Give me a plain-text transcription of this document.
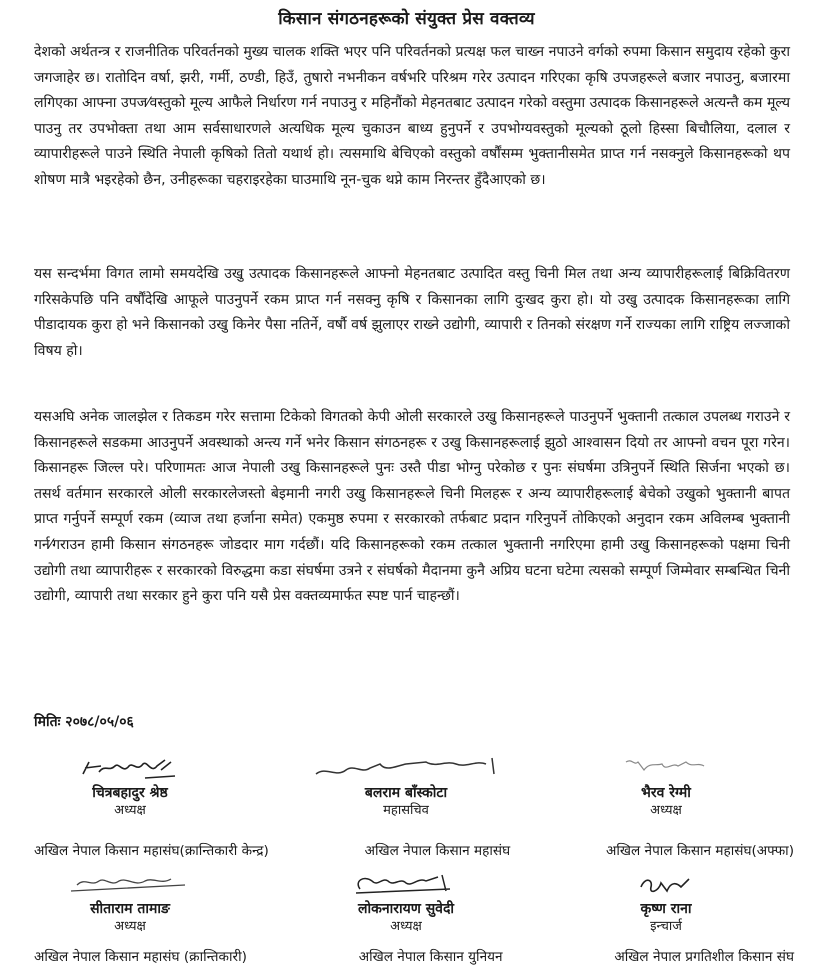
किसान संगठनहरूको संयुक्त प्रेस वक्तव्य

देशको अर्थतन्त्र र राजनीतिक परिवर्तनको मुख्य चालक शक्ति भएर पनि परिवर्तनको प्रत्यक्ष फल चाख्न नपाउने वर्गको रुपमा किसान समुदाय रहेको कुरा जगजाहेर छ। रातोदिन वर्षा, झरी, गर्मी, ठण्डी, हिउँ, तुषारो नभनीकन वर्षभरि परिश्रम गरेर उत्पादन गरिएका कृषि उपजहरूले बजार नपाउनु, बजारमा लगिएका आफ्ना उपज⁄वस्तुको मूल्य आफैले निर्धारण गर्न नपाउनु र महिनौंको मेहनतबाट उत्पादन गरेको वस्तुमा उत्पादक किसानहरूले अत्यन्तै कम मूल्य पाउनु तर उपभोक्ता तथा आम सर्वसाधारणले अत्यधिक मूल्य चुकाउन बाध्य हुनुपर्ने र उपभोग्यवस्तुको मूल्यको ठूलो हिस्सा बिचौलिया, दलाल र व्यापारीहरूले पाउने स्थिति नेपाली कृषिको तितो यथार्थ हो। त्यसमाथि बेचिएको वस्तुको वर्षौंसम्म भुक्तानीसमेत प्राप्त गर्न नसक्नुले किसानहरूको थप शोषण मात्रै भइरहेको छैन, उनीहरूका चहराइरहेका घाउमाथि नून-चुक थप्ने काम निरन्तर हुँदैआएको छ।

यस सन्दर्भमा विगत लामो समयदेखि उखु उत्पादक किसानहरूले आफ्नो मेहनतबाट उत्पादित वस्तु चिनी मिल तथा अन्य व्यापारीहरूलाई बिक्रिवितरण गरिसकेपछि पनि वर्षौंदेखि आफूले पाउनुपर्ने रकम प्राप्त गर्न नसक्नु कृषि र किसानका लागि दुःखद कुरा हो। यो उखु उत्पादक किसानहरूका लागि पीडादायक कुरा हो भने किसानको उखु किनेर पैसा नतिर्ने, वर्षौ वर्ष झुलाएर राख्ने उद्योगी, व्यापारी र तिनको संरक्षण गर्ने राज्यका लागि राष्ट्रिय लज्जाको विषय हो।

यसअघि अनेक जालझेल र तिकडम गरेर सत्तामा टिकेको विगतको केपी ओली सरकारले उखु किसानहरूले पाउनुपर्ने भुक्तानी तत्काल उपलब्ध गराउने र किसानहरूले सडकमा आउनुपर्ने अवस्थाको अन्त्य गर्ने भनेर किसान संगठनहरू र उखु किसानहरूलाई झुठो आश्वासन दियो तर आफ्नो वचन पूरा गरेन। किसानहरू जिल्ल परे। परिणामतः आज नेपाली उखु किसानहरूले पुनः उस्तै पीडा भोग्नु परेकोछ र पुनः संघर्षमा उत्रिनुपर्ने स्थिति सिर्जना भएको छ। तसर्थ वर्तमान सरकारले ओली सरकारलेजस्तो बेइमानी नगरी उखु किसानहरूले चिनी मिलहरू र अन्य व्यापारीहरूलाई बेचेको उखुको भुक्तानी बापत प्राप्त गर्नुपर्ने सम्पूर्ण रकम (व्याज तथा हर्जाना समेत) एकमुष्ठ रुपमा र सरकारको तर्फबाट प्रदान गरिनुपर्ने तोकिएको अनुदान रकम अविलम्ब भुक्तानी गर्न⁄गराउन हामी किसान संगठनहरू जोडदार माग गर्दछौं। यदि किसानहरूको रकम तत्काल भुक्तानी नगरिएमा हामी उखु किसानहरूको पक्षमा चिनी उद्योगी तथा व्यापारीहरू र सरकारको विरुद्धमा कडा संघर्षमा उत्रने र संघर्षको मैदानमा कुनै अप्रिय घटना घटेमा त्यसको सम्पूर्ण जिम्मेवार सम्बन्धित चिनी उद्योगी, व्यापारी तथा सरकार हुने कुरा पनि यसै प्रेस वक्तव्यमार्फत स्पष्ट पार्न चाहन्छौं।

मितिः २०७८/०५/०६
चित्रबहादुर श्रेष्ठ
अध्यक्ष
बलराम बाँस्कोटा
महासचिव
भैरव रेग्मी
अध्यक्ष
अखिल नेपाल किसान महासंघ(क्रान्तिकारी केन्द्र)	अखिल नेपाल किसान महासंघ	अखिल नेपाल किसान महासंघ(अफ्फा)
सीताराम तामाङ
अध्यक्ष
लोकनारायण सुवेदी
अध्यक्ष
कृष्ण राना
इन्चार्ज
अखिल नेपाल किसान महासंघ (क्रान्तिकारी)	अखिल नेपाल किसान युनियन	अखिल नेपाल प्रगतिशील किसान संघ
